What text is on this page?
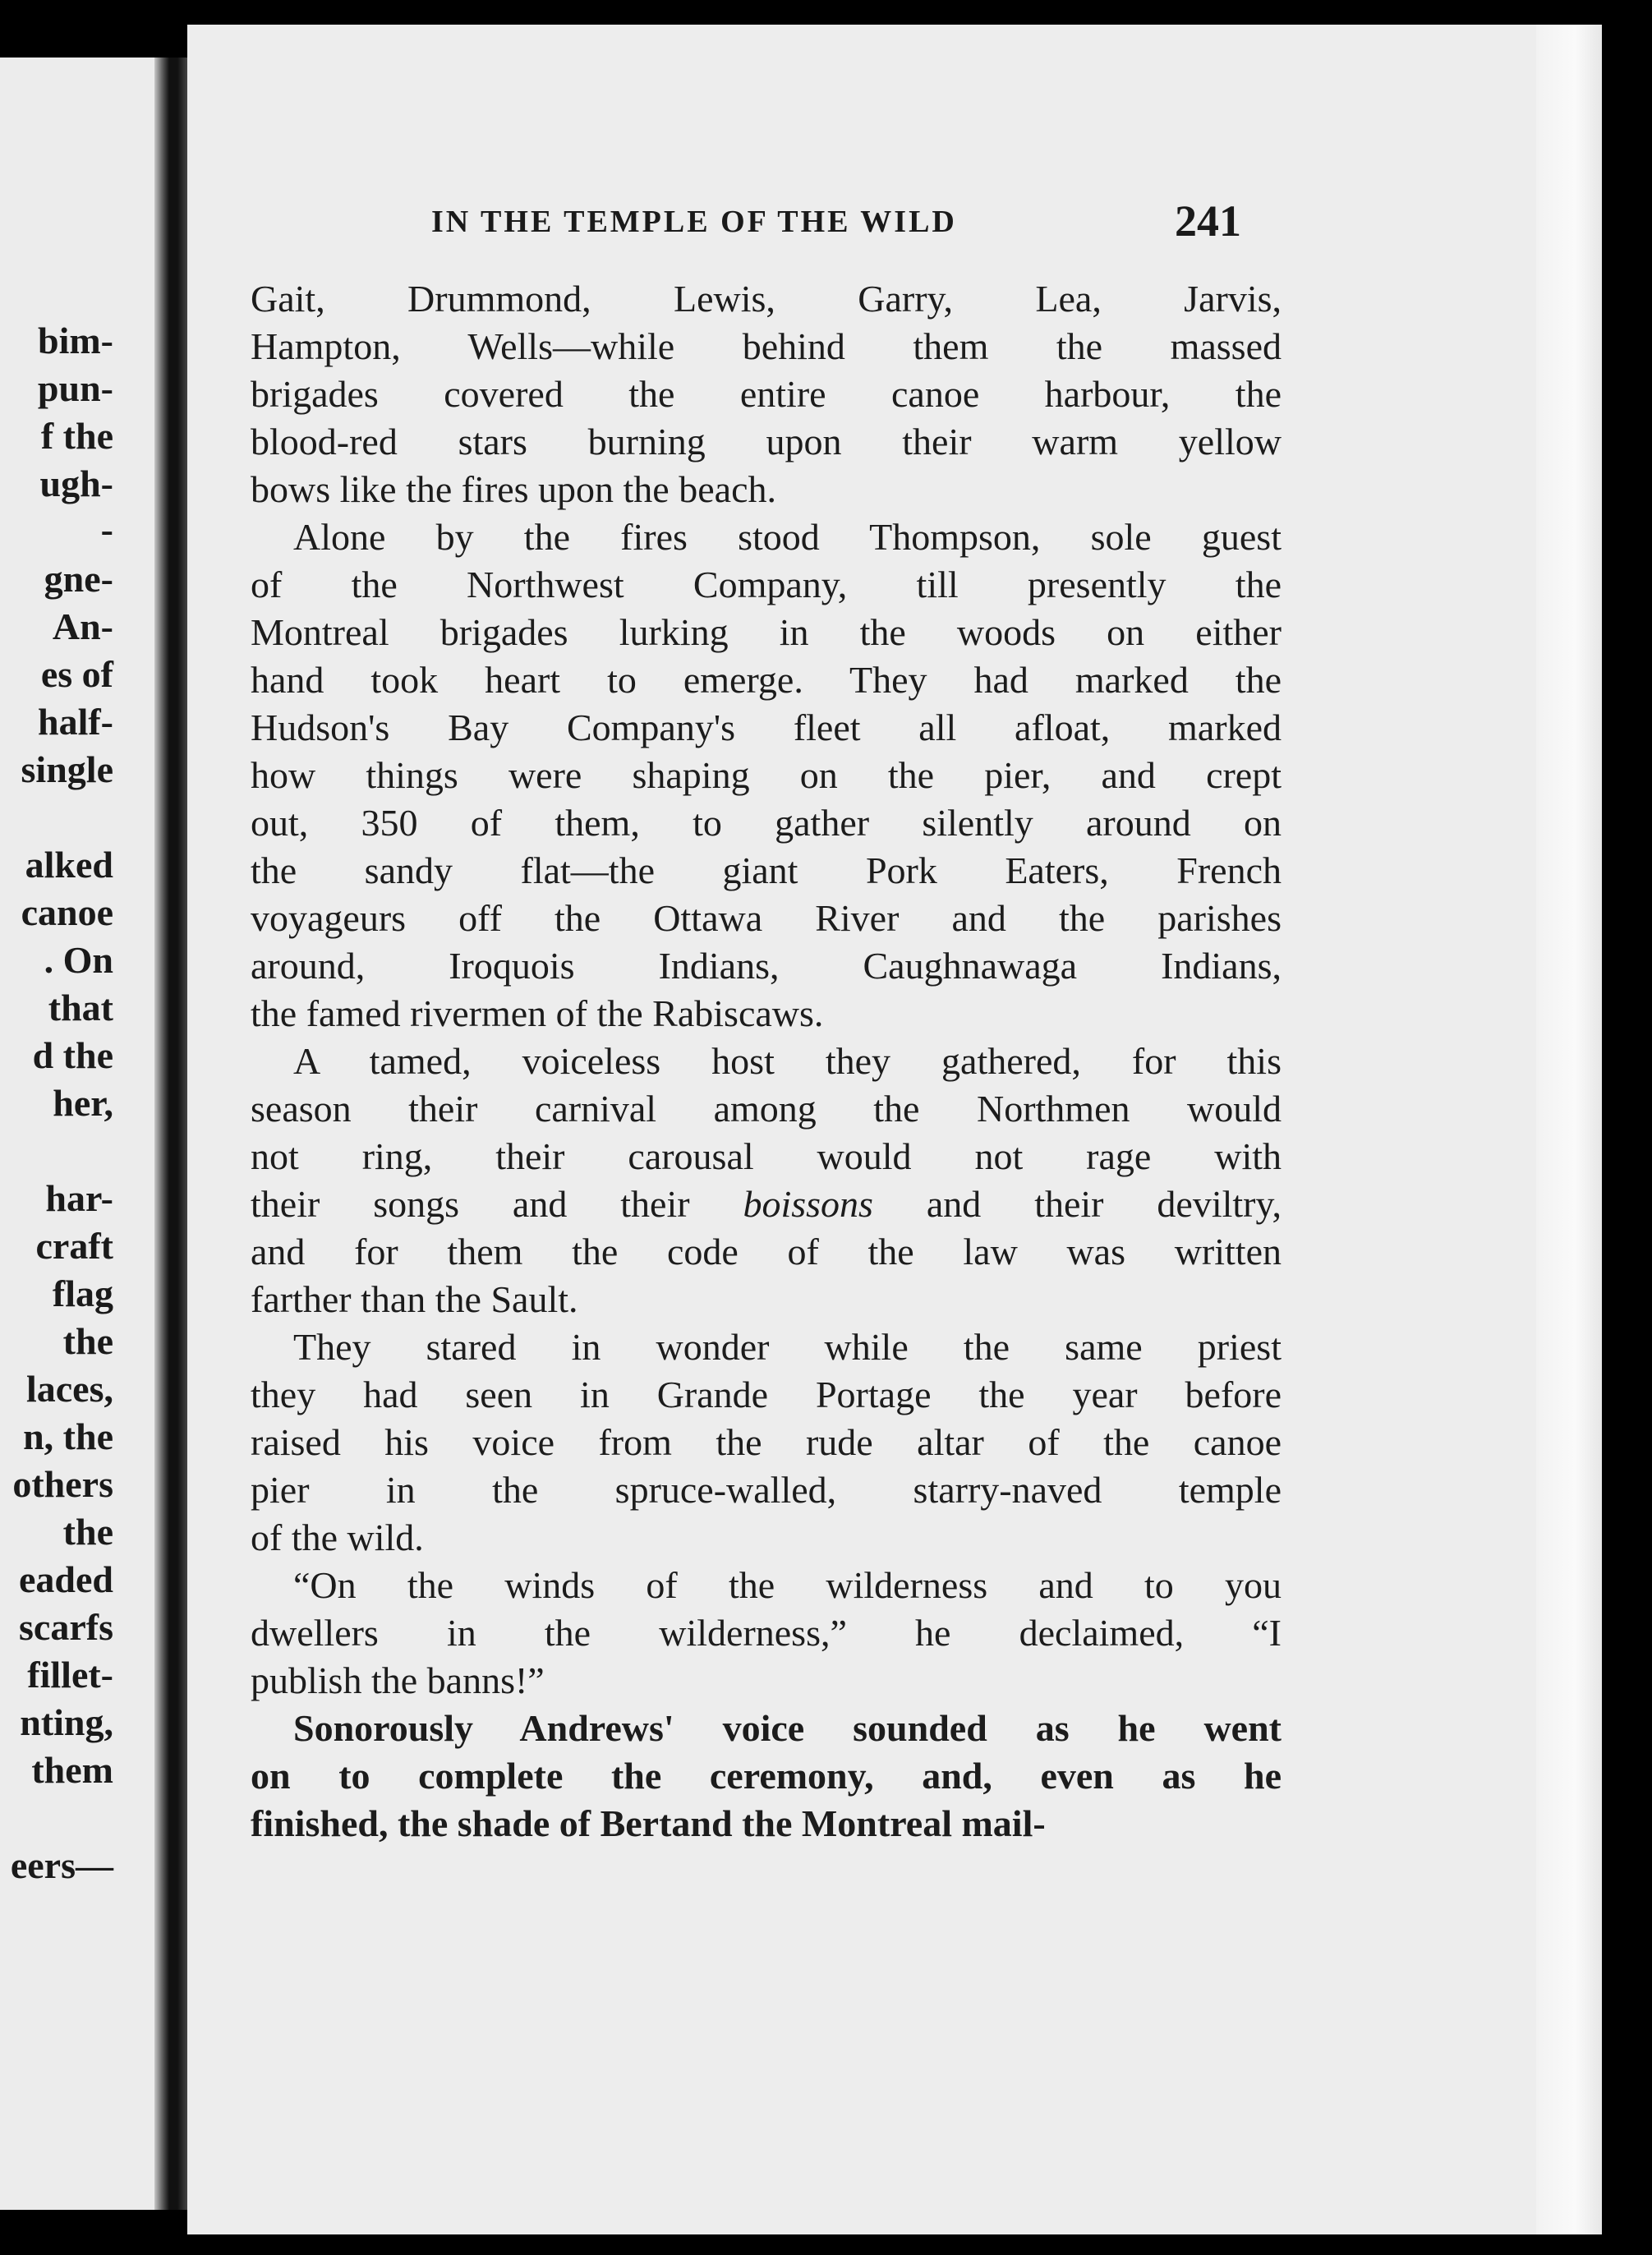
bim-
pun-
f the
ugh-
-
gne-
An-
es of
half-
single
alked
canoe
. On
that
d the
her,
har-
craft
flag
the
laces,
n, the
others
the
eaded
scarfs
fillet-
nting,
them
eers—
IN THE TEMPLE OF THE WILD	241
Gait, Drummond, Lewis, Garry, Lea, Jarvis,
Hampton, Wells—while behind them the massed
brigades covered the entire canoe harbour, the
blood-red stars burning upon their warm yellow
bows like the fires upon the beach.
Alone by the fires stood Thompson, sole guest
of the Northwest Company, till presently the
Montreal brigades lurking in the woods on either
hand took heart to emerge. They had marked the
Hudson's Bay Company's fleet all afloat, marked
how things were shaping on the pier, and crept
out, 350 of them, to gather silently around on
the sandy flat—the giant Pork Eaters, French
voyageurs off the Ottawa River and the parishes
around, Iroquois Indians, Caughnawaga Indians,
the famed rivermen of the Rabiscaws.
A tamed, voiceless host they gathered, for this
season their carnival among the Northmen would
not ring, their carousal would not rage with
their songs and their boissons and their deviltry,
and for them the code of the law was written
farther than the Sault.
They stared in wonder while the same priest
they had seen in Grande Portage the year before
raised his voice from the rude altar of the canoe
pier in the spruce-walled, starry-naved temple
of the wild.
“On the winds of the wilderness and to you
dwellers in the wilderness,” he declaimed, “I
publish the banns!”
Sonorously Andrews' voice sounded as he went
on to complete the ceremony, and, even as he
finished, the shade of Bertand the Montreal mail-
